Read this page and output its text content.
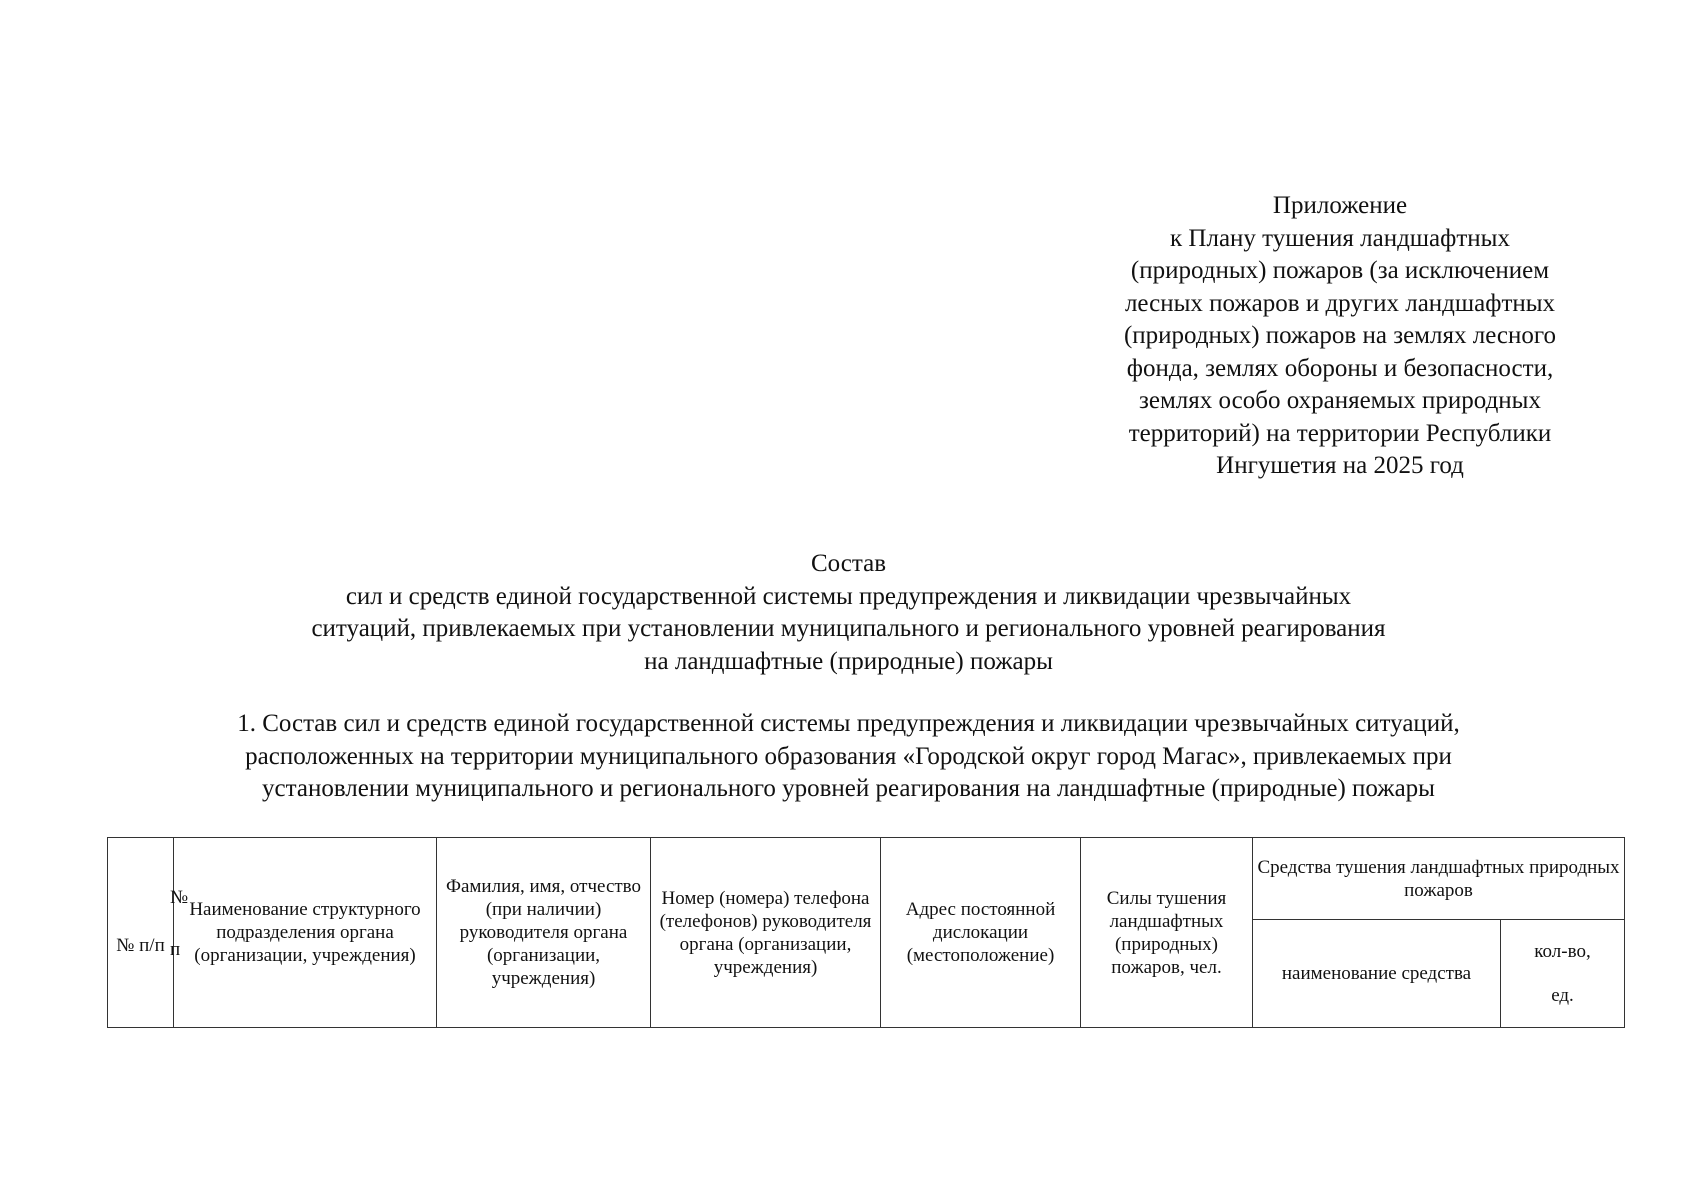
Приложение
к Плану тушения ландшафтных
(природных) пожаров (за исключением
лесных пожаров и других ландшафтных
(природных) пожаров на землях лесного
фонда, землях обороны и безопасности,
землях особо охраняемых природных
территорий) на территории Республики
Ингушетия на 2025 год
Состав
сил и средств единой государственной системы предупреждения и ликвидации чрезвычайных
ситуаций, привлекаемых при установлении муниципального и регионального уровней реагирования
на ландшафтные (природные) пожары
1. Состав сил и средств единой государственной системы предупреждения и ликвидации чрезвычайных ситуаций,
расположенных на территории муниципального образования «Городской округ город Магас», привлекаемых при
установлении муниципального и регионального уровней реагирования на ландшафтные (природные) пожары
№
п
№ п/п	Наименование структурного подразделения органа (организации, учреждения)	Фамилия, имя, отчество (при наличии) руководителя органа (организации, учреждения)	Номер (номера) телефона (телефонов) руководителя органа (организации, учреждения)	Адрес постоянной дислокации (местоположение)	Силы тушения ландшафтных (природных) пожаров, чел.	Средства тушения ландшафтных природных пожаров	
						наименование средства	кол-во,
ед.
